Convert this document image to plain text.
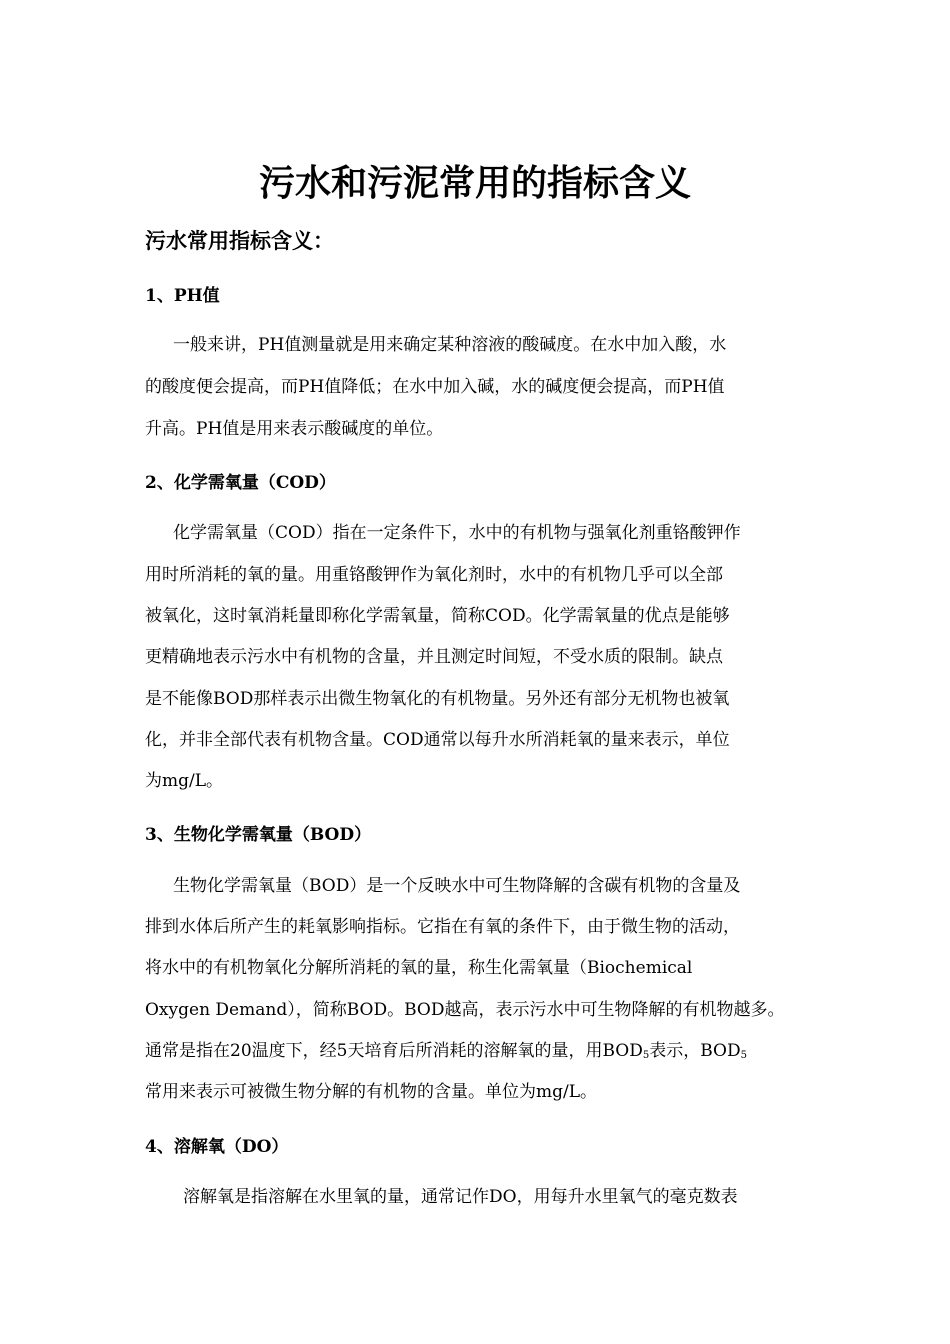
污水和污泥常用的指标含义
污水常用指标含义：
1、PH值
一般来讲，PH值测量就是用来确定某种溶液的酸碱度。在水中加入酸，水
的酸度便会提高，而PH值降低；在水中加入碱，水的碱度便会提高，而PH值
升高。PH值是用来表示酸碱度的单位。
2、化学需氧量（COD）
化学需氧量（COD）指在一定条件下，水中的有机物与强氧化剂重铬酸钾作
用时所消耗的氧的量。用重铬酸钾作为氧化剂时，水中的有机物几乎可以全部
被氧化，这时氧消耗量即称化学需氧量，简称COD。化学需氧量的优点是能够
更精确地表示污水中有机物的含量，并且测定时间短，不受水质的限制。缺点
是不能像BOD那样表示出微生物氧化的有机物量。另外还有部分无机物也被氧
化，并非全部代表有机物含量。COD通常以每升水所消耗氧的量来表示，单位
为mg/L。
3、生物化学需氧量（BOD）
生物化学需氧量（BOD）是一个反映水中可生物降解的含碳有机物的含量及
排到水体后所产生的耗氧影响指标。它指在有氧的条件下，由于微生物的活动，
将水中的有机物氧化分解所消耗的氧的量，称生化需氧量（Biochemical
Oxygen Demand），简称BOD。BOD越高，表示污水中可生物降解的有机物越多。
通常是指在20温度下，经5天培育后所消耗的溶解氧的量，用$BOD_5$表示，$BOD_5$
常用来表示可被微生物分解的有机物的含量。单位为mg/L。
4、溶解氧（DO）
溶解氧是指溶解在水里氧的量，通常记作DO，用每升水里氧气的毫克数表
